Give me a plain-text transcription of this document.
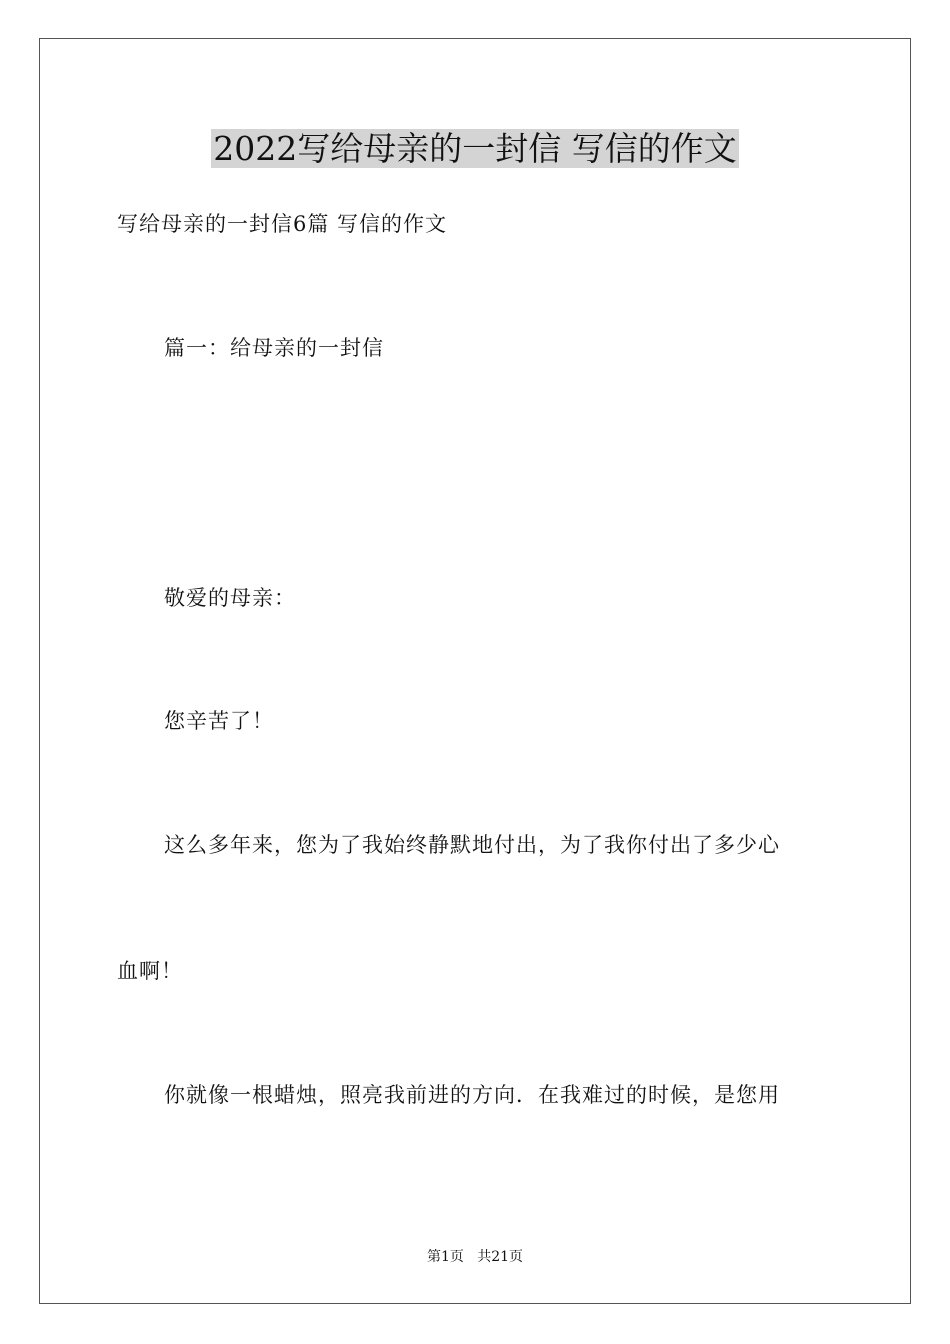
2022写给母亲的一封信 写信的作文

写给母亲的一封信6篇 写信的作文

篇一：给母亲的一封信

敬爱的母亲：

您辛苦了！

这么多年来，您为了我始终静默地付出，为了我你付出了多少心

血啊！

你就像一根蜡烛，照亮我前进的方向．在我难过的时候，是您用

第1页   共21页
